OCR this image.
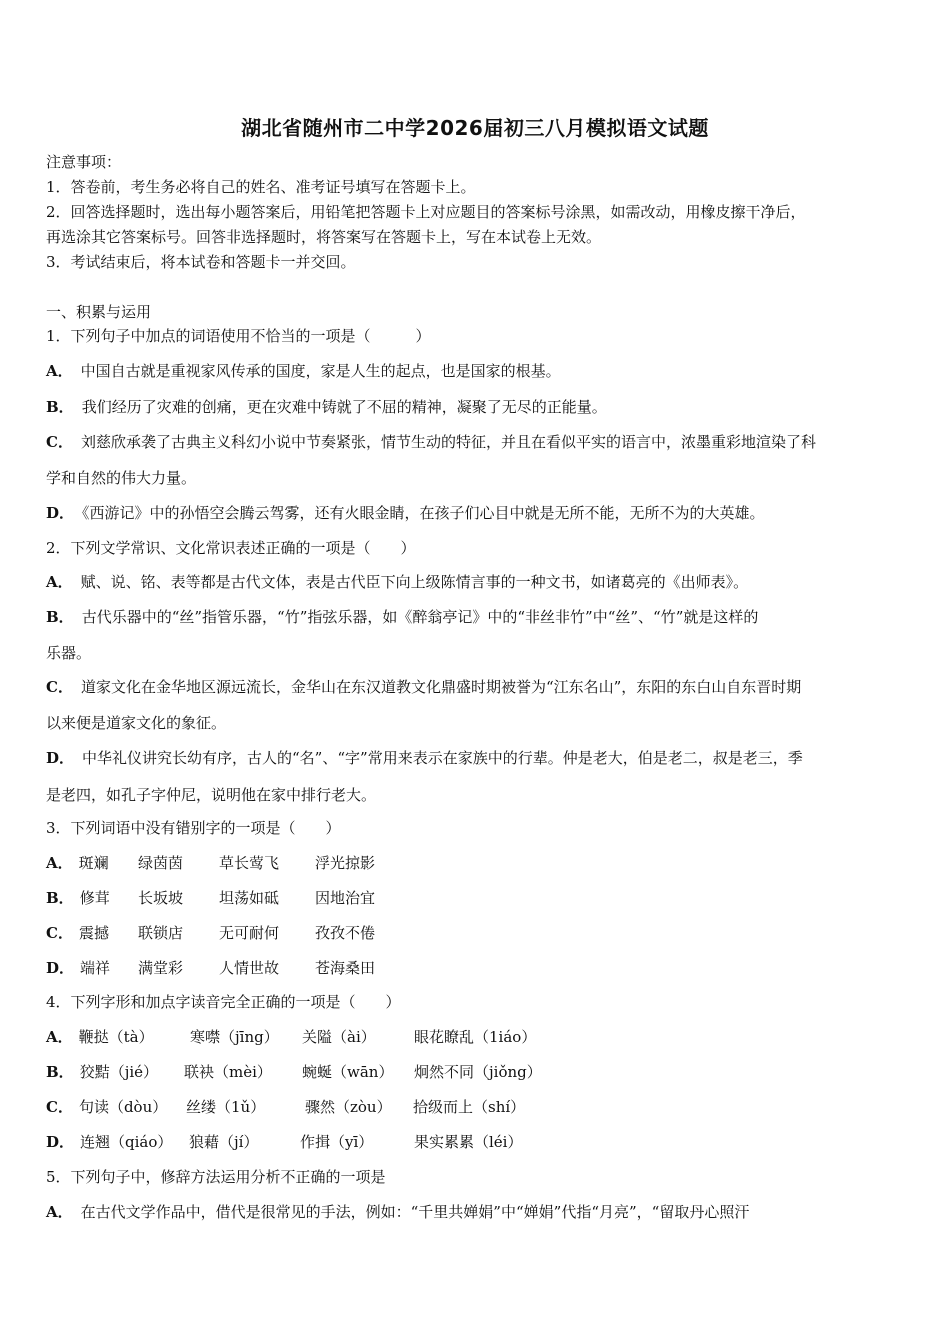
湖北省随州市二中学2026届初三八月模拟语文试题
注意事项：
1．答卷前，考生务必将自己的姓名、准考证号填写在答题卡上。
2．回答选择题时，选出每小题答案后，用铅笔把答题卡上对应题目的答案标号涂黑，如需改动，用橡皮擦干净后，
再选涂其它答案标号。回答非选择题时，将答案写在答题卡上，写在本试卷上无效。
3．考试结束后，将本试卷和答题卡一并交回。
一、积累与运用
1．下列句子中加点的词语使用不恰当的一项是（　　　）
A． 中国自古就是重视家风传承的国度，家是人生的起点，也是国家的根基。
B． 我们经历了灾难的创痛，更在灾难中铸就了不屈的精神，凝聚了无尽的正能量。
C． 刘慈欣承袭了古典主义科幻小说中节奏紧张，情节生动的特征，并且在看似平实的语言中，浓墨重彩地渲染了科
学和自然的伟大力量。
D． 《西游记》中的孙悟空会腾云驾雾，还有火眼金睛，在孩子们心目中就是无所不能，无所不为的大英雄。
2．下列文学常识、文化常识表述正确的一项是（　　）
A． 赋、说、铭、表等都是古代文体，表是古代臣下向上级陈情言事的一种文书，如诸葛亮的《出师表》。
B． 古代乐器中的“丝”指管乐器，“竹”指弦乐器，如《醉翁亭记》中的“非丝非竹”中“丝”、“竹”就是这样的
乐器。
C． 道家文化在金华地区源远流长，金华山在东汉道教文化鼎盛时期被誉为“江东名山”，东阳的东白山自东晋时期
以来便是道家文化的象征。
D． 中华礼仪讲究长幼有序，古人的“名”、“字”常用来表示在家族中的行辈。仲是老大，伯是老二，叔是老三，季
是老四，如孔子字仲尼，说明他在家中排行老大。
3．下列词语中没有错别字的一项是（　　）
A． 斑斓 绿茵茵 草长莺飞 浮光掠影
B． 修茸 长坂坡 坦荡如砥 因地治宜
C． 震撼 联锁店 无可耐何 孜孜不倦
D． 端祥 满堂彩 人情世故 苍海桑田
4．下列字形和加点字读音完全正确的一项是（　　）
A． 鞭挞（tà） 寒噤（jīng） 关隘（ài）	眼花瞭乱（1iáo）
B． 狡黠（jié） 联袂（mèi） 蜿蜒（wān） 炯然不同（jiǒng）
C． 句读（dòu） 丝缕（1ǔ）	骤然（zòu） 拾级而上（shí）
D． 连翘（qiáo） 狼藉（jí）	作揖（yī）	果实累累（léi）
5．下列句子中，修辞方法运用分析不正确的一项是
A． 在古代文学作品中，借代是很常见的手法，例如：“千里共婵娟”中“婵娟”代指“月亮”，“留取丹心照汗
